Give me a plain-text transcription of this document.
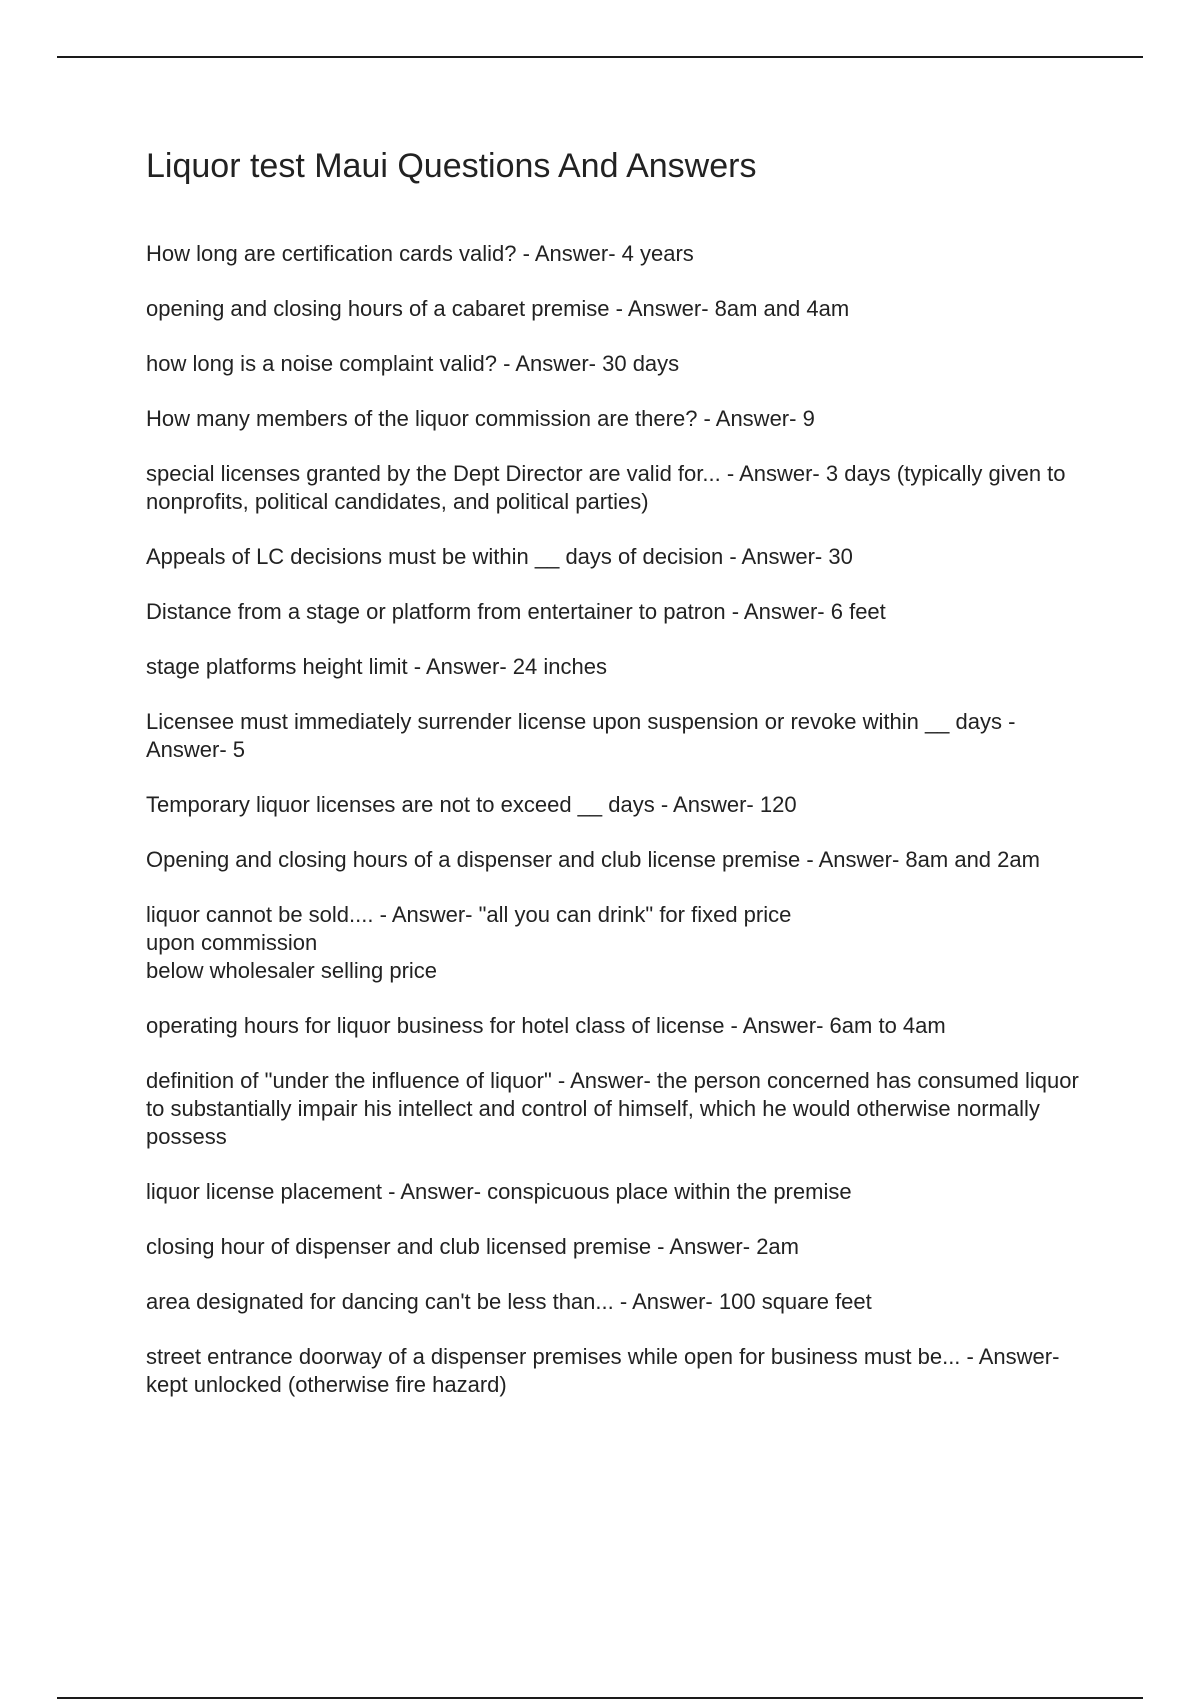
Liquor test Maui Questions And Answers
How long are certification cards valid? - Answer- 4 years
opening and closing hours of a cabaret premise - Answer- 8am and 4am
how long is a noise complaint valid? - Answer- 30 days
How many members of the liquor commission are there? - Answer- 9
special licenses granted by the Dept Director are valid for... - Answer- 3 days (typically given to nonprofits, political candidates, and political parties)
Appeals of LC decisions must be within __ days of decision - Answer- 30
Distance from a stage or platform from entertainer to patron - Answer- 6 feet
stage platforms height limit - Answer- 24 inches
Licensee must immediately surrender license upon suspension or revoke within __ days - Answer- 5
Temporary liquor licenses are not to exceed __ days - Answer- 120
Opening and closing hours of a dispenser and club license premise - Answer- 8am and 2am
liquor cannot be sold.... - Answer- "all you can drink" for fixed price
upon commission
below wholesaler selling price
operating hours for liquor business for hotel class of license - Answer- 6am to 4am
definition of "under the influence of liquor" - Answer- the person concerned has consumed liquor to substantially impair his intellect and control of himself, which he would otherwise normally possess
liquor license placement - Answer- conspicuous place within the premise
closing hour of dispenser and club licensed premise - Answer- 2am
area designated for dancing can't be less than... - Answer- 100 square feet
street entrance doorway of a dispenser premises while open for business must be... - Answer- kept unlocked (otherwise fire hazard)
